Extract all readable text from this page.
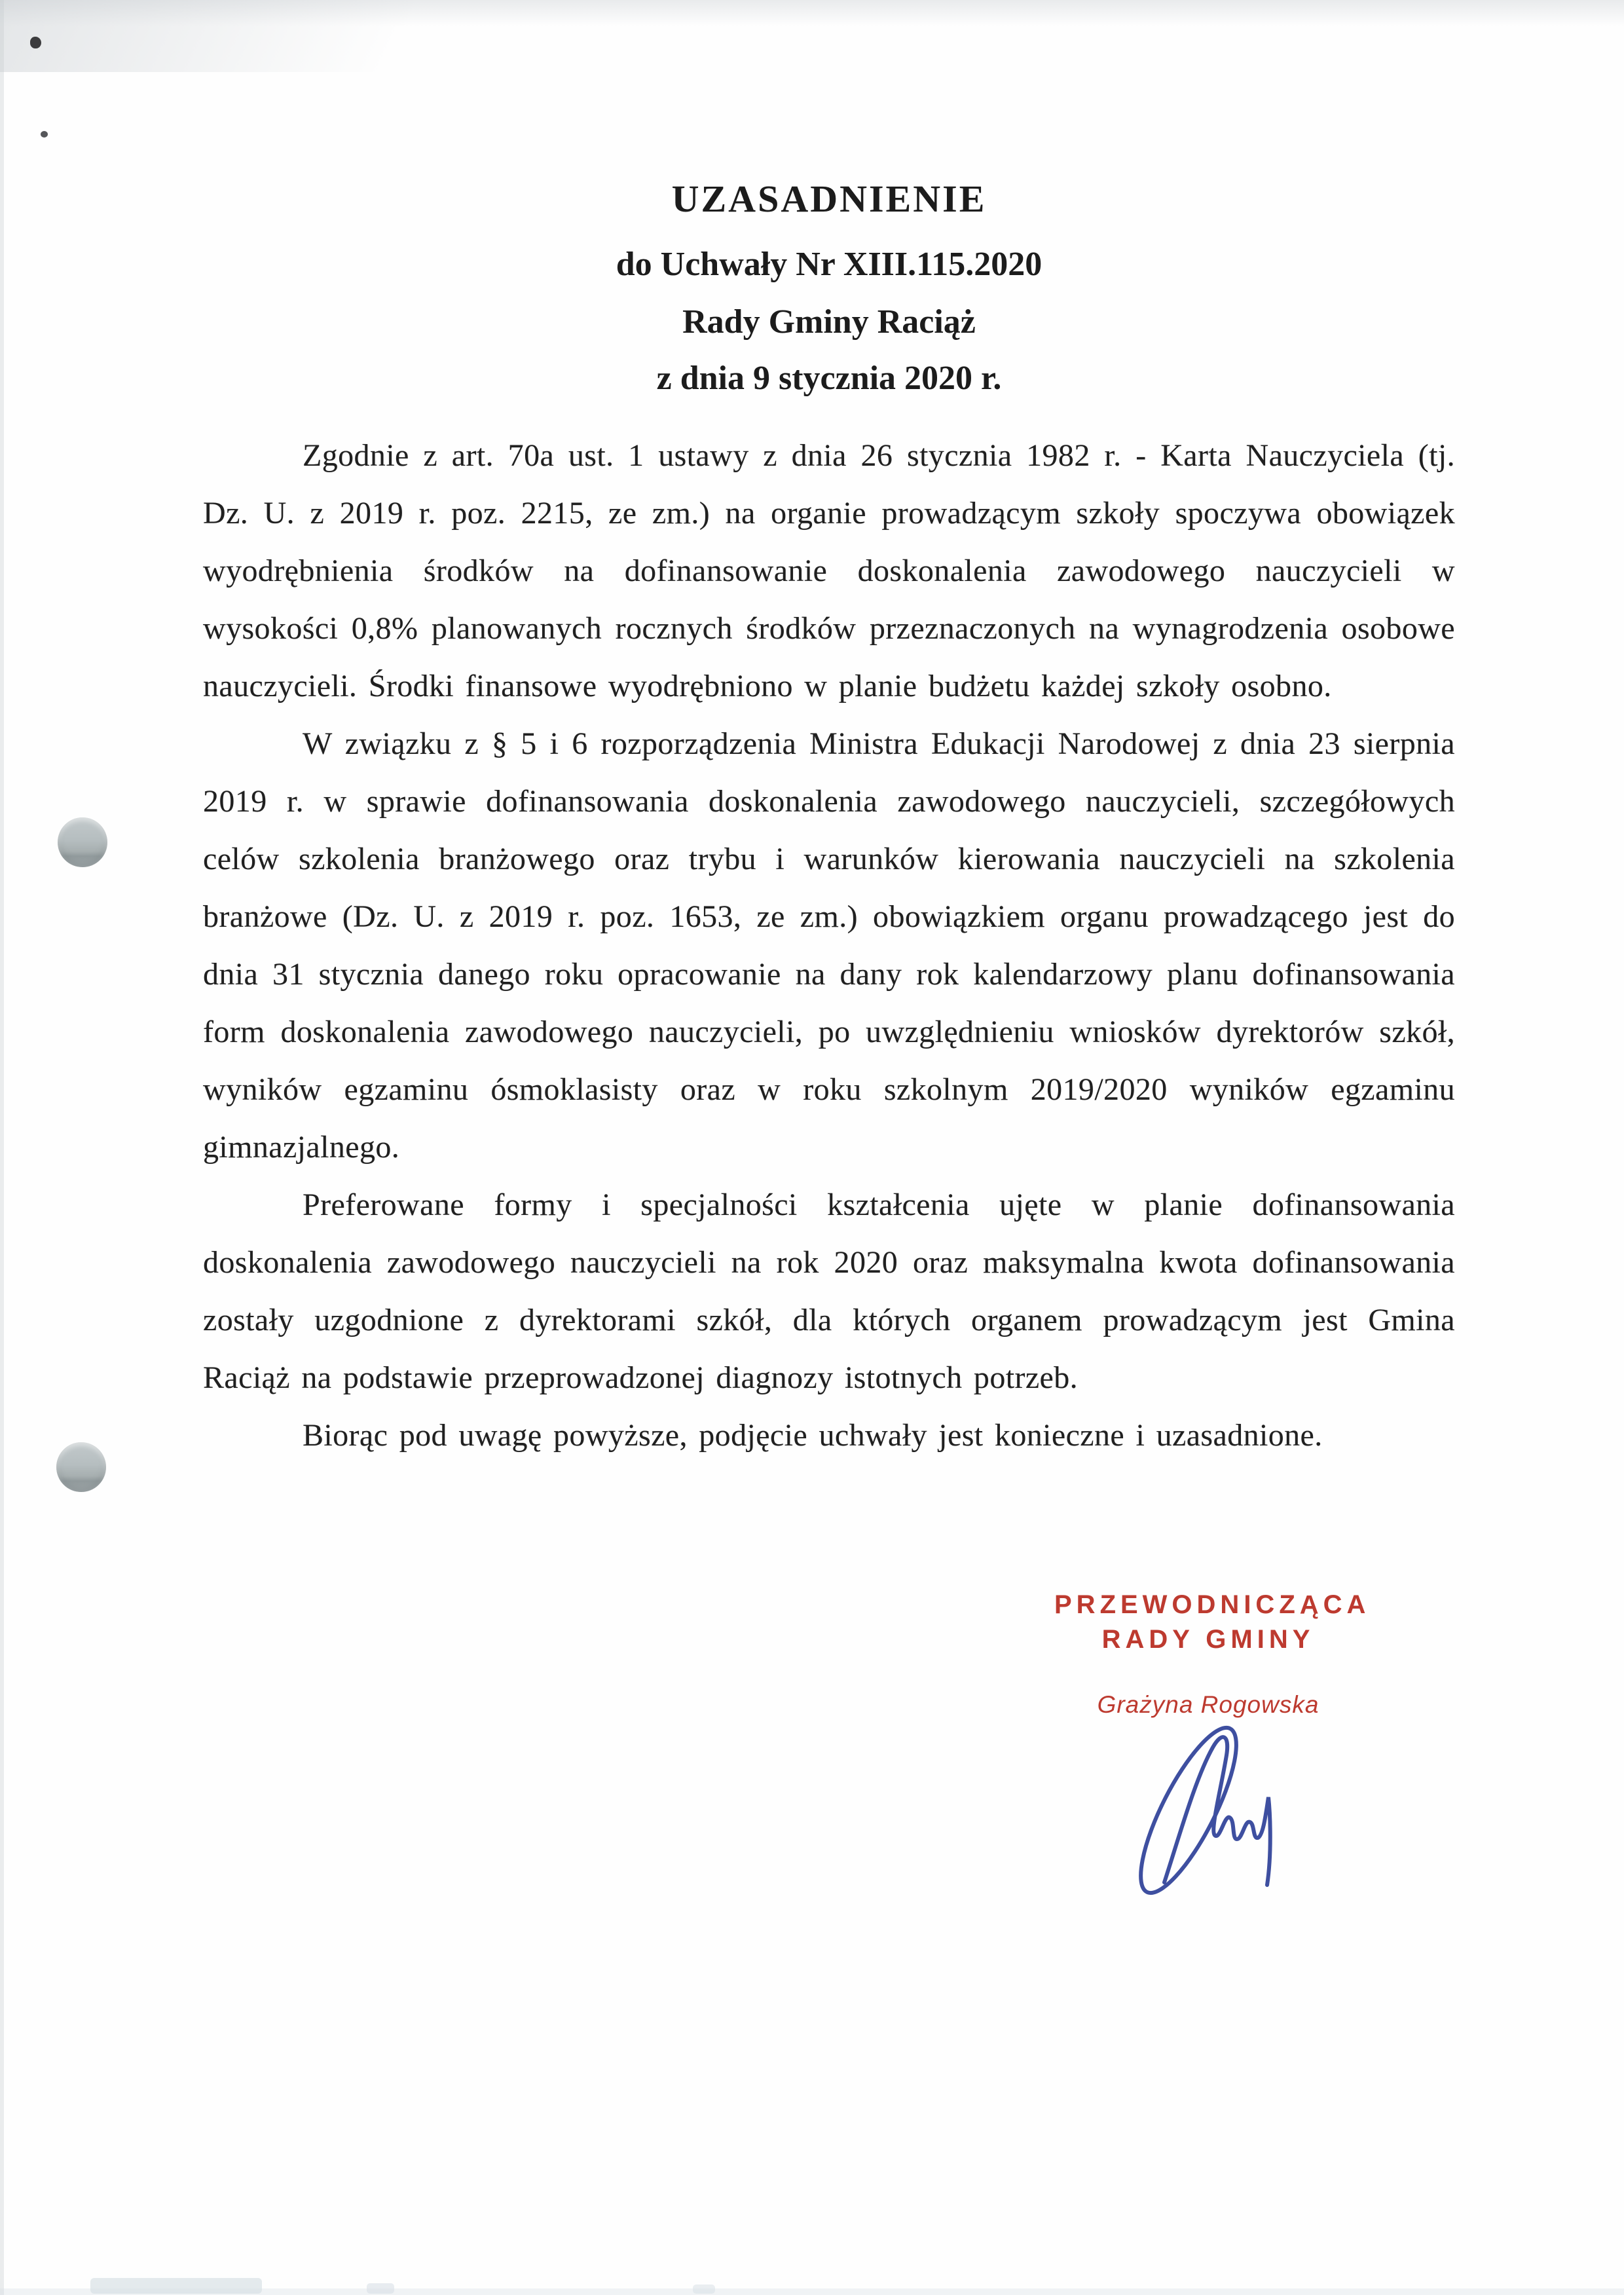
UZASADNIENIE
do Uchwały Nr XIII.115.2020
Rady Gminy Raciąż
z dnia 9 stycznia 2020 r.

Zgodnie z art. 70a ust. 1 ustawy z dnia 26 stycznia 1982 r. - Karta Nauczyciela (tj. Dz. U. z 2019 r. poz. 2215, ze zm.) na organie prowadzącym szkoły spoczywa obowiązek wyodrębnienia środków na dofinansowanie doskonalenia zawodowego nauczycieli w wysokości 0,8% planowanych rocznych środków przeznaczonych na wynagrodzenia osobowe nauczycieli. Środki finansowe wyodrębniono w planie budżetu każdej szkoły osobno.

W związku z § 5 i 6 rozporządzenia Ministra Edukacji Narodowej z dnia 23 sierpnia 2019 r. w sprawie dofinansowania doskonalenia zawodowego nauczycieli, szczegółowych celów szkolenia branżowego oraz trybu i warunków kierowania nauczycieli na szkolenia branżowe (Dz. U. z 2019 r. poz. 1653, ze zm.) obowiązkiem organu prowadzącego jest do dnia 31 stycznia danego roku opracowanie na dany rok kalendarzowy planu dofinansowania form doskonalenia zawodowego nauczycieli, po uwzględnieniu wniosków dyrektorów szkół, wyników egzaminu ósmoklasisty oraz w roku szkolnym 2019/2020 wyników egzaminu gimnazjalnego.

Preferowane formy i specjalności kształcenia ujęte w planie dofinansowania doskonalenia zawodowego nauczycieli na rok 2020 oraz maksymalna kwota dofinansowania zostały uzgodnione z dyrektorami szkół, dla których organem prowadzącym jest Gmina Raciąż na podstawie przeprowadzonej diagnozy istotnych potrzeb.

Biorąc pod uwagę powyższe, podjęcie uchwały jest konieczne i uzasadnione.

PRZEWODNICZĄCA
RADY GMINY
Grażyna Rogowska
